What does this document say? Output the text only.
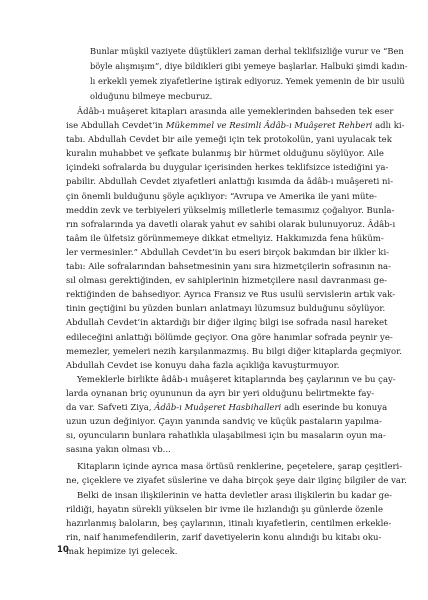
Bunlar müşkil vaziyete düştükleri zaman derhal teklifsizliğe vurur ve “Ben
böyle alışmışım”, diye bildikleri gibi yemeye başlarlar. Halbuki şimdi kadın-
lı erkekli yemek ziyafetlerine iştirak ediyoruz. Yemek yemenin de bir usulü
olduğunu bilmeye mecburuz.
Âdâb-ı muâşeret kitapları arasında aile yemeklerinden bahseden tek eser
ise Abdullah Cevdet’in Mükemmel ve Resimli Âdâb-ı Muâşeret Rehberi adlı ki-
tabı. Abdullah Cevdet bir aile yemeği için tek protokolün, yani uyulacak tek
kuralın muhabbet ve şefkate bulanmış bir hürmet olduğunu söylüyor. Aile
içindeki sofralarda bu duygular içerisinden herkes teklifsizce istediğini ya-
pabilir. Abdullah Cevdet ziyafetleri anlattığı kısımda da âdâb-ı muâşereti ni-
çin önemli bulduğunu şöyle açıklıyor: “Avrupa ve Amerika ile yani müte-
meddin zevk ve terbiyeleri yükselmiş milletlerle temasımız çoğalıyor. Bunla-
rın sofralarında ya davetli olarak yahut ev sahibi olarak bulunuyoruz. Âdâb-ı
taâm ile ülfetsiz görünmemeye dikkat etmeliyiz. Hakkımızda fena hüküm-
ler vermesinler.” Abdullah Cevdet’in bu eseri birçok bakımdan bir ilkler ki-
tabı: Aile sofralarından bahsetmesinin yanı sıra hizmetçilerin sofrasının na-
sıl olması gerektiğinden, ev sahiplerinin hizmetçilere nasıl davranması ge-
rektiğinden de bahsediyor. Ayrıca Fransız ve Rus usulü servislerin artık vak-
tinin geçtiğini bu yüzden bunları anlatmayı lüzumsuz bulduğunu söylüyor.
Abdullah Cevdet’in aktardığı bir diğer ilginç bilgi ise sofrada nasıl hareket
edileceğini anlattığı bölümde geçiyor. Ona göre hanımlar sofrada peynir ye-
memezler, yemeleri nezih karşılanmazmış. Bu bilgi diğer kitaplarda geçmiyor.
Abdullah Cevdet ise konuyu daha fazla açıkliğa kavuşturmuyor.
Yemeklerle birlikte âdâb-ı muâşeret kitaplarında beş çaylarının ve bu çay-
larda oynanan briç oyununun da ayrı bir yeri olduğunu belirtmekte fay-
da var. Safveti Ziya, Âdâb-ı Muâşeret Hasbihalleri adlı eserinde bu konuya
uzun uzun değiniyor. Çayın yanında sandviç ve küçük pastaların yapılma-
sı, oyuncuların bunlara rahatlıkla ulaşabilmesi için bu masaların oyun ma-
sasına yakın olması vb...
Kitapların içinde ayrıca masa örtüsü renklerine, peçetelere, şarap çeşitleri-
ne, çiçeklere ve ziyafet süslerine ve daha birçok şeye dair ilginç bilgiler de var.
Belki de insan ilişkilerinin ve hatta devletler arası ilişkilerin bu kadar ge-
rildiği, hayatın sürekli yükselen bir ivme ile hızlandığı şu günlerde özenle
hazırlanmış baloların, beş çaylarının, itinalı kıyafetlerin, centilmen erkekle-
rin, naif hanımefendilerin, zarif davetiyelerin konu alındığı bu kitabı oku-
mak hepimize iyi gelecek.
10
